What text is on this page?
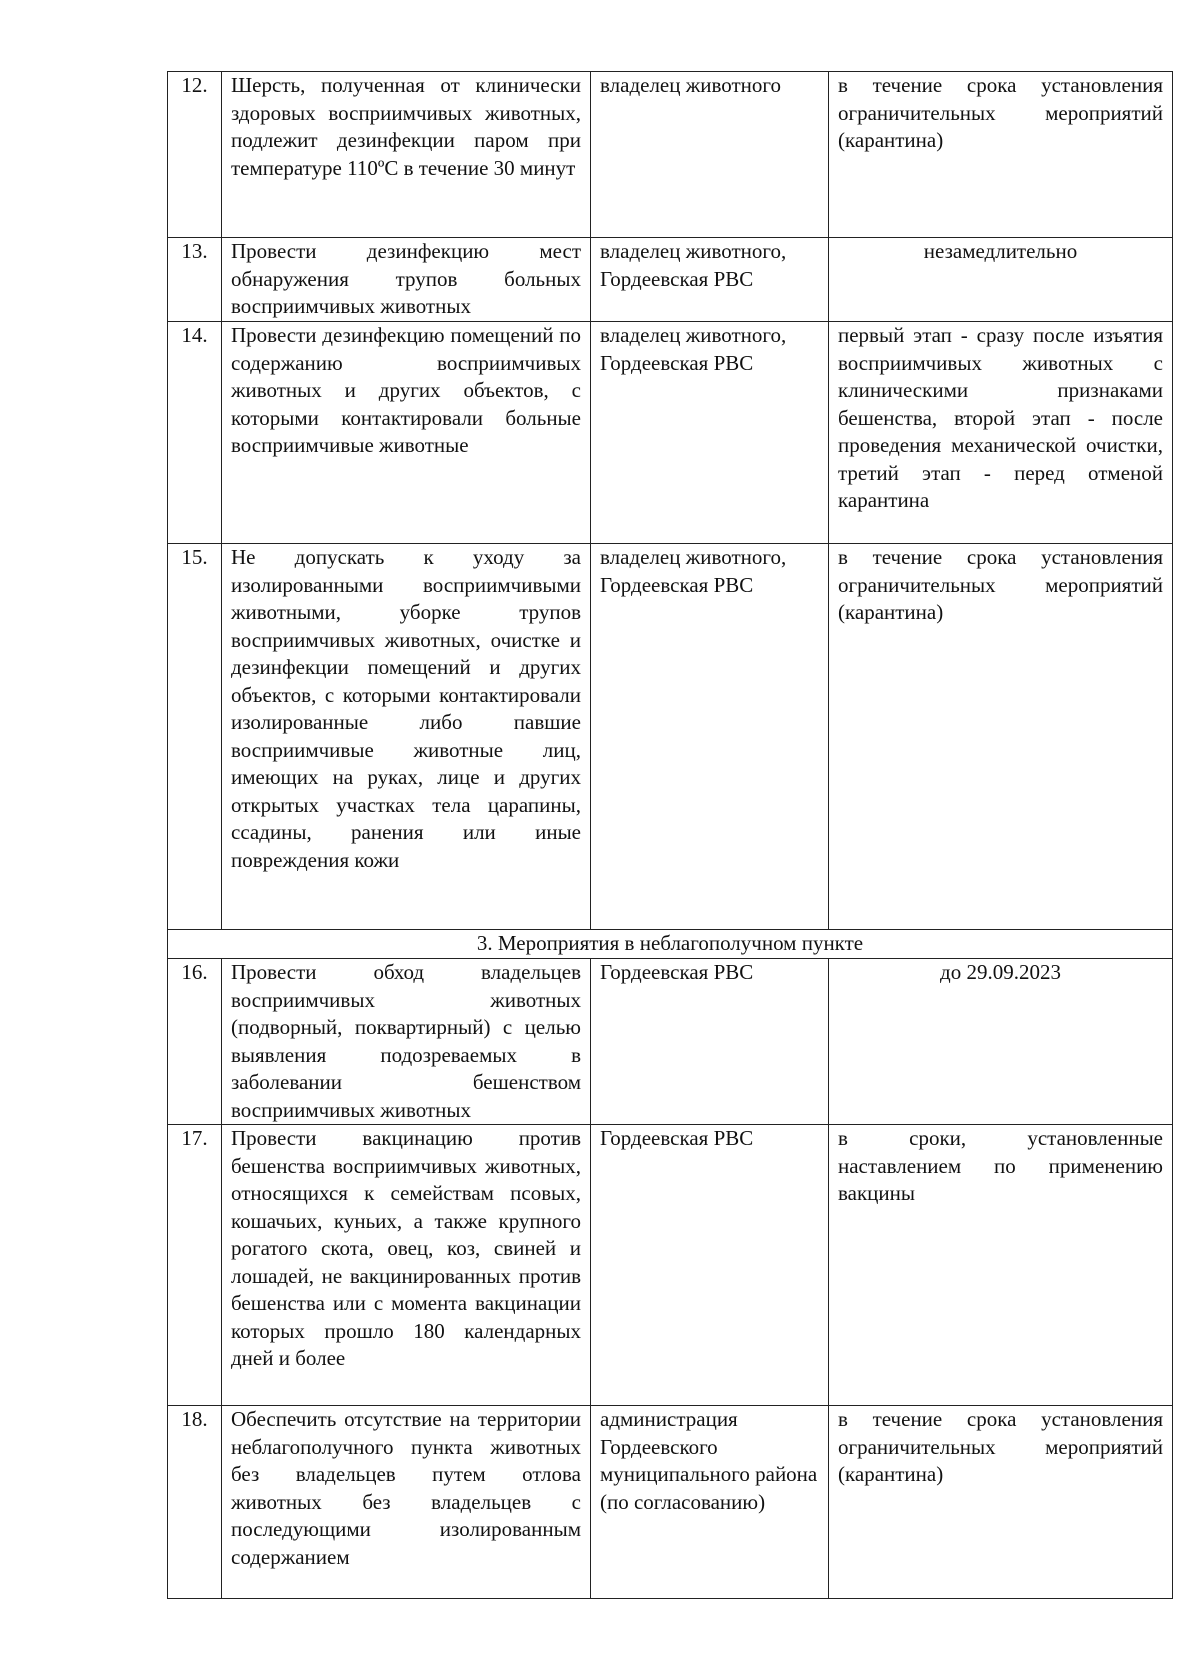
12.	Шерсть, полученная от клинически здоровых восприимчивых животных, подлежит дезинфекции паром при температуре 110ºС в течение 30 минут	владелец животного	в течение срока установления ограничительных мероприятий (карантина)
13.	Провести дезинфекцию мест обнаружения трупов больных восприимчивых животных	владелец животного, Гордеевская РВС	незамедлительно
14.	Провести дезинфекцию помещений по содержанию восприимчивых животных и других объектов, с которыми контактировали больные восприимчивые животные	владелец животного, Гордеевская РВС	первый этап - сразу после изъятия восприимчивых животных с клиническими признаками бешенства, второй этап - после проведения механической очистки, третий этап - перед отменой карантина
15.	Не допускать к уходу за изолированными восприимчивыми животными, уборке трупов восприимчивых животных, очистке и дезинфекции помещений и других объектов, с которыми контактировали изолированные либо павшие восприимчивые животные лиц, имеющих на руках, лице и других открытых участках тела царапины, ссадины, ранения или иные повреждения кожи	владелец животного, Гордеевская РВС	в течение срока установления ограничительных мероприятий (карантина)
3. Мероприятия в неблагополучном пункте			
16.	Провести обход владельцев восприимчивых животных (подворный, поквартирный) с целью выявления подозреваемых в заболевании бешенством восприимчивых животных	Гордеевская РВС	до 29.09.2023
17.	Провести вакцинацию против бешенства восприимчивых животных, относящихся к семействам псовых, кошачьих, куньих, а также крупного рогатого скота, овец, коз, свиней и лошадей, не вакцинированных против бешенства или с момента вакцинации которых прошло 180 календарных дней и более	Гордеевская РВС	в сроки, установленные наставлением по применению вакцины
18.	Обеспечить отсутствие на территории неблагополучного пункта животных без владельцев путем отлова животных без владельцев с последующими изолированным содержанием	администрация Гордеевского муниципального района (по согласованию)	в течение срока установления ограничительных мероприятий (карантина)
